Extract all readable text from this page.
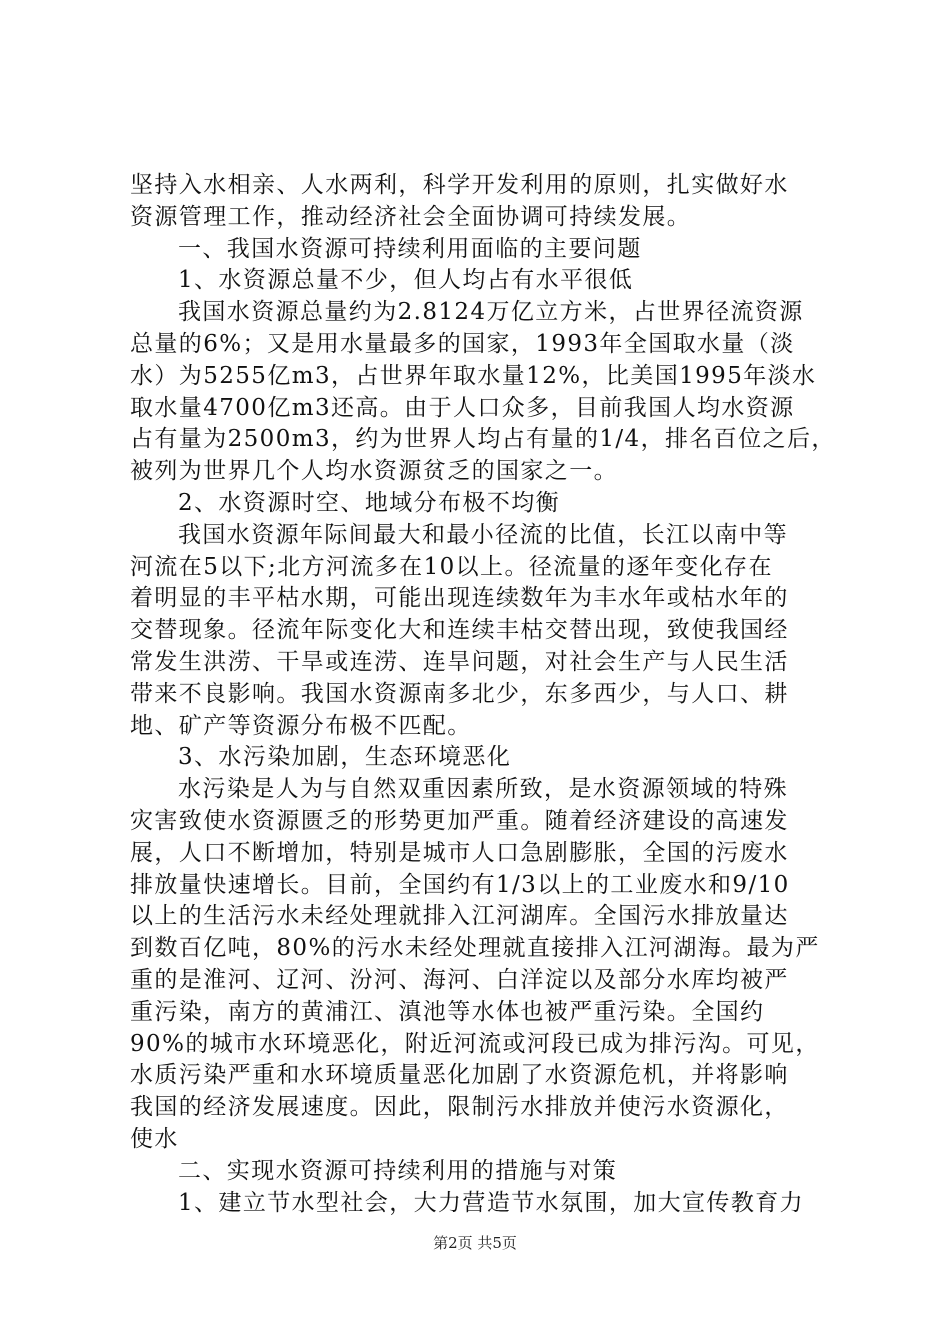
坚持入水相亲、人水两利，科学开发利用的原则，扎实做好水
资源管理工作，推动经济社会全面协调可持续发展。
一、我国水资源可持续利用面临的主要问题
1、水资源总量不少，但人均占有水平很低
我国水资源总量约为2.8124万亿立方米，占世界径流资源
总量的6%；又是用水量最多的国家，1993年全国取水量（淡
水）为5255亿m3，占世界年取水量12%，比美国1995年淡水
取水量4700亿m3还高。由于人口众多，目前我国人均水资源
占有量为2500m3，约为世界人均占有量的1/4，排名百位之后，
被列为世界几个人均水资源贫乏的国家之一。
2、水资源时空、地域分布极不均衡
我国水资源年际间最大和最小径流的比值，长江以南中等
河流在5以下;北方河流多在10以上。径流量的逐年变化存在
着明显的丰平枯水期，可能出现连续数年为丰水年或枯水年的
交替现象。径流年际变化大和连续丰枯交替出现，致使我国经
常发生洪涝、干旱或连涝、连旱问题，对社会生产与人民生活
带来不良影响。我国水资源南多北少，东多西少，与人口、耕
地、矿产等资源分布极不匹配。
3、水污染加剧，生态环境恶化
水污染是人为与自然双重因素所致，是水资源领域的特殊
灾害致使水资源匮乏的形势更加严重。随着经济建设的高速发
展，人口不断增加，特别是城市人口急剧膨胀，全国的污废水
排放量快速增长。目前，全国约有1/3以上的工业废水和9/10
以上的生活污水未经处理就排入江河湖库。全国污水排放量达
到数百亿吨，80%的污水未经处理就直接排入江河湖海。最为严
重的是淮河、辽河、汾河、海河、白洋淀以及部分水库均被严
重污染，南方的黄浦江、滇池等水体也被严重污染。全国约
90%的城市水环境恶化，附近河流或河段已成为排污沟。可见，
水质污染严重和水环境质量恶化加剧了水资源危机，并将影响
我国的经济发展速度。因此，限制污水排放并使污水资源化，
使水
二、实现水资源可持续利用的措施与对策
1、建立节水型社会，大力营造节水氛围，加大宣传教育力
第2页 共5页
